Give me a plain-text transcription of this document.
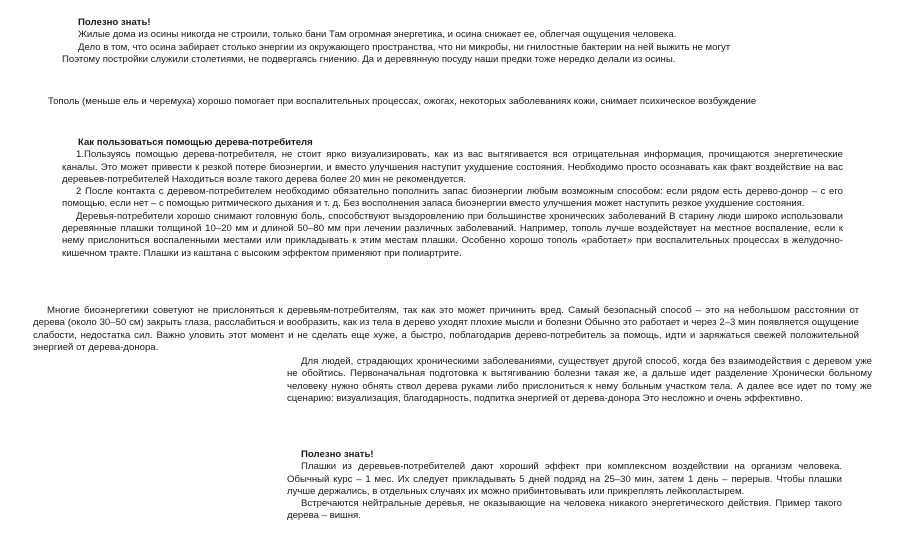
Полезно знать!

Жилые дома из осины никогда не строили, только бани Там огромная энергетика, и осина снижает ее, облегчая ощущения человека.

Дело в том, что осина забирает столько энергии из окружающего пространства, что ни микробы, ни гнилостные бактерии на ней выжить не могут

Поэтому постройки служили столетиями, не подвергаясь гниению. Да и деревянную посуду наши предки тоже нередко делали из осины.

Тополь (меньше ель и черемуха) хорошо помогает при воспалительных процессах, ожогах, некоторых заболеваниях кожи, снимает психическое возбуждение

Как пользоваться помощью дерева-потребителя

1.Пользуясь помощью дерева-потребителя, не стоит ярко визуализировать, как из вас вытягивается вся отрицательная информация, прочищаются энергетические каналы. Это может привести к резкой потере биоэнергии, и вместо улучшения наступит ухудшение состояния. Необходимо просто осознавать как факт воздействие на вас деревьев-потребителей Находиться возле такого дерева более 20 мин не рекомендуется.

2 После контакта с деревом-потребителем необходимо обязательно пополнить запас биоэнергии любым возможным способом: если рядом есть дерево-донор – с его помощью, если нет – с помощью ритмического дыхания и т. д. Без восполнения запаса биоэнергии вместо улучшения может наступить резкое ухудшение состояния.

Деревья-потребители хорошо снимают головную боль, способствуют выздоровлению при большинстве хронических заболеваний В старину люди широко использовали деревянные плашки толщиной 10–20 мм и длиной 50–80 мм при лечении различных заболеваний. Например, тополь лучше воздействует на местное воспаление, если к нему прислониться воспаленными местами или прикладывать к этим местам плашки. Особенно хорошо тополь «работает» при воспалительных процессах в желудочно-кишечном тракте. Плашки из каштана с высоким эффектом применяют при полиартрите.

Многие биоэнергетики советуют не прислоняться к деревьям-потребителям, так как это может причинить вред. Самый безопасный способ – это на небольшом расстоянии от дерева (около 30–50 см) закрыть глаза, расслабиться и вообразить, как из тела в дерево уходят плохие мысли и болезни Обычно это работает и через 2–3 мин появляется ощущение слабости, недостатка сил. Важно уловить этот момент и не сделать еще хуже, а быстро, поблагодарив дерево-потребитель за помощь, идти и заряжаться свежей положительной энергией от дерева-донора.

Для людей, страдающих хроническими заболеваниями, существует другой способ, когда без взаимодействия с деревом уже не обойтись. Первоначальная подготовка к вытягиванию болезни такая же, а дальше идет разделение Хронически больному человеку нужно обнять ствол дерева руками либо прислониться к нему больным участком тела. А далее все идет по тому же сценарию: визуализация, благодарность, подпитка энергией от дерева-донора Это несложно и очень эффективно.

Полезно знать!

Плашки из деревьев-потребителей дают хороший эффект при комплексном воздействии на организм человека. Обычный курс – 1 мес. Их следует прикладывать 5 дней подряд на 25–30 мин, затем 1 день – перерыв. Чтобы плашки лучше держались, в отдельных случаях их можно прибинтовывать или прикреплять лейкопластырем.

Встречаются нейтральные деревья, не оказывающие на человека никакого энергетического действия. Пример такого дерева – вишня.
